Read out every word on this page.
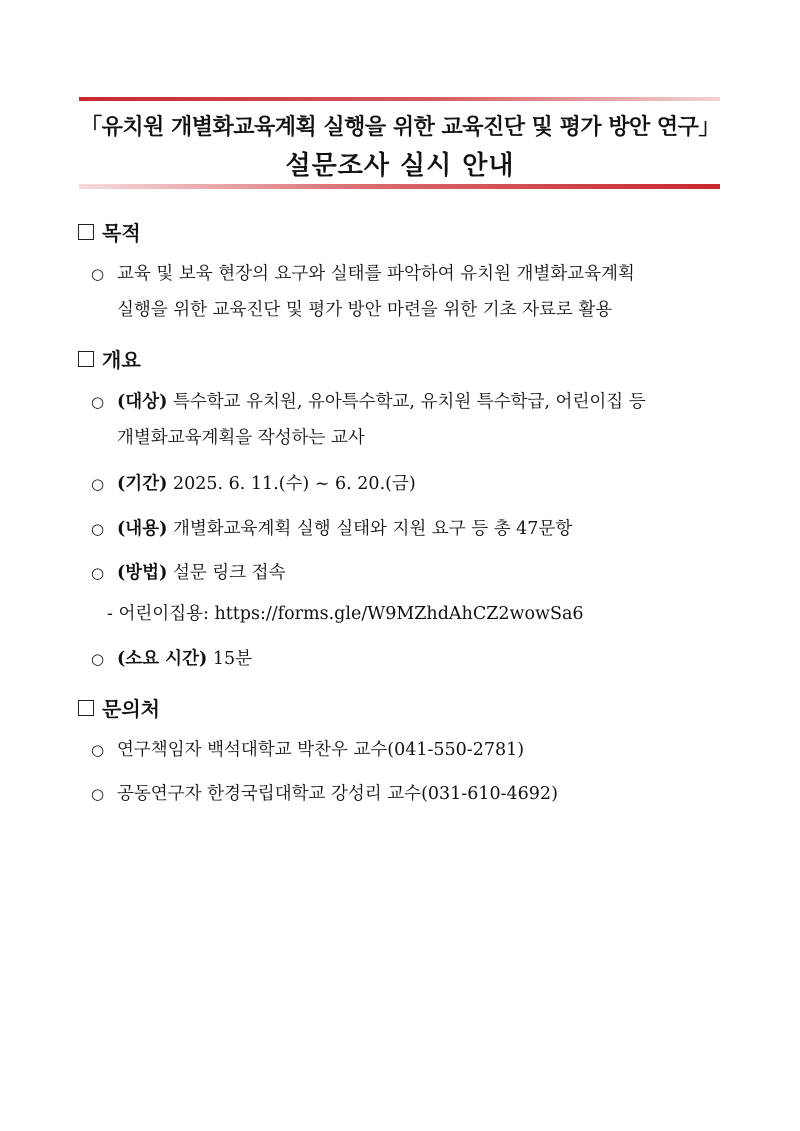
「유치원 개별화교육계획 실행을 위한 교육진단 및 평가 방안 연구」
설문조사 실시 안내
목적
○ 교육 및 보육 현장의 요구와 실태를 파악하여 유치원 개별화교육계획
실행을 위한 교육진단 및 평가 방안 마련을 위한 기초 자료로 활용
개요
○ (대상) 특수학교 유치원, 유아특수학교, 유치원 특수학급, 어린이집 등
개별화교육계획을 작성하는 교사
○ (기간) 2025. 6. 11.(수) ~ 6. 20.(금)
○ (내용) 개별화교육계획 실행 실태와 지원 요구 등 총 47문항
○ (방법) 설문 링크 접속
- 어린이집용: https://forms.gle/W9MZhdAhCZ2wowSa6
○ (소요 시간) 15분
문의처
○ 연구책임자 백석대학교 박찬우 교수(041-550-2781)
○ 공동연구자 한경국립대학교 강성리 교수(031-610-4692)
